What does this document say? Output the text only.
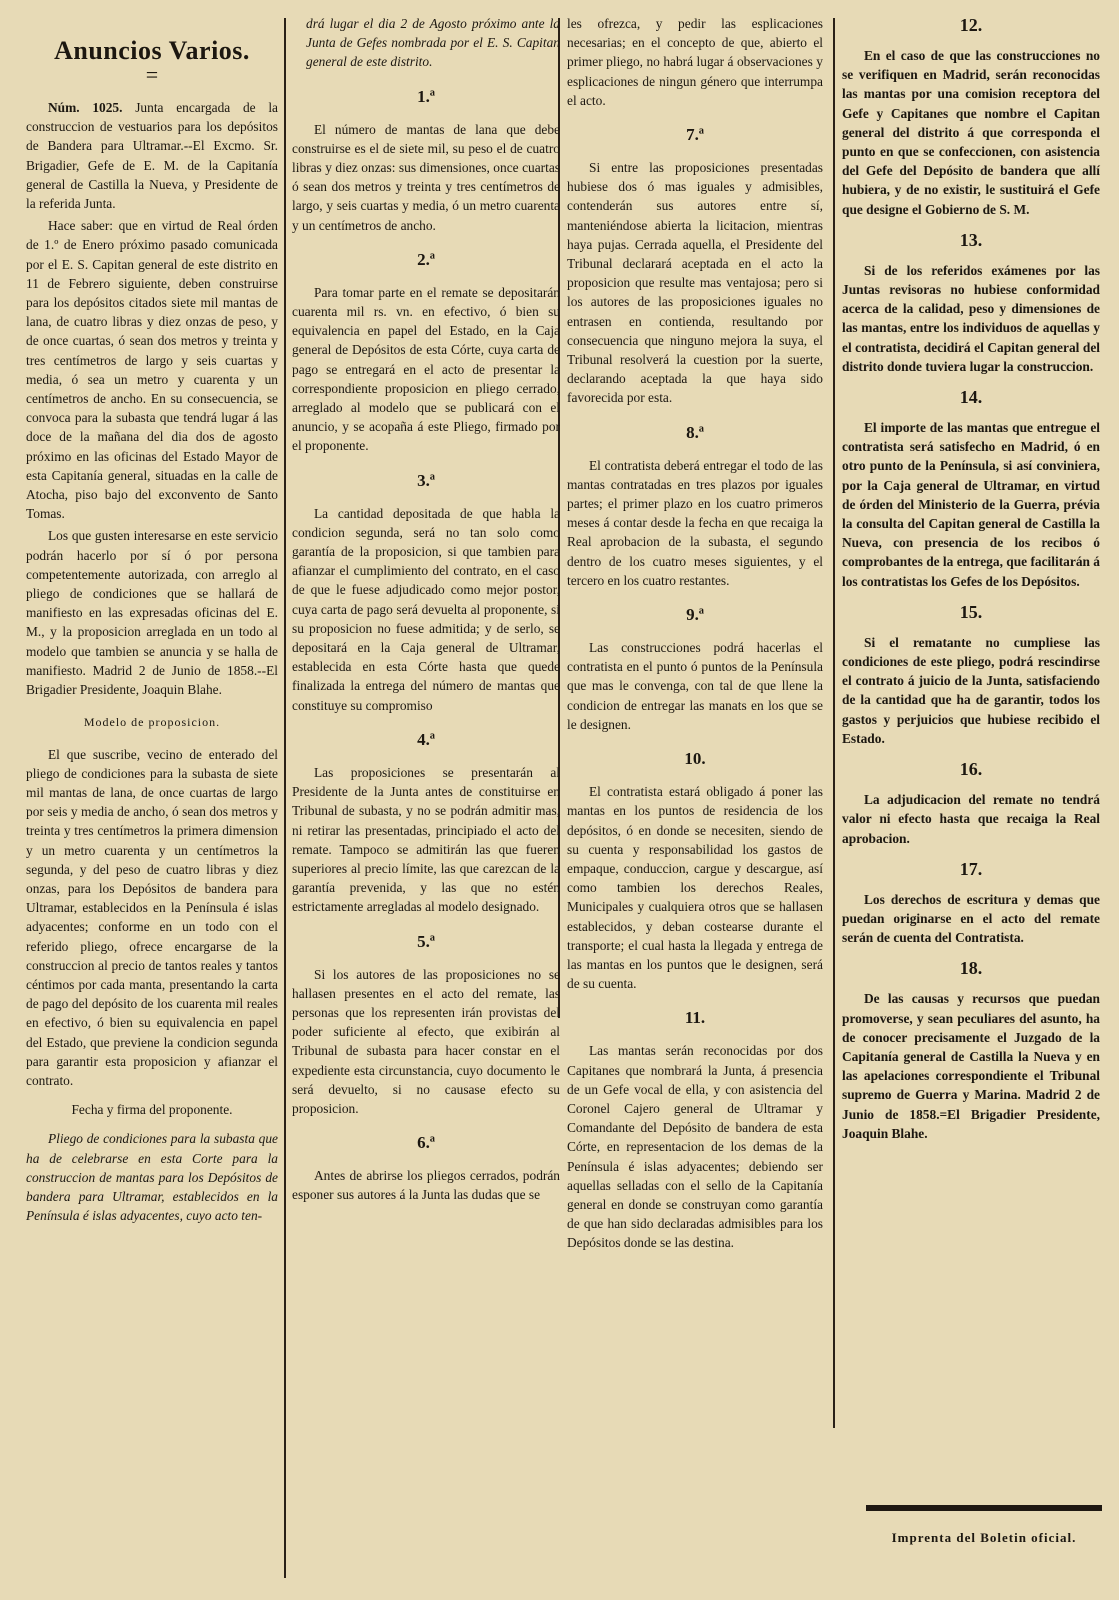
Anuncios Varios.
=

Núm. 1025. Junta encargada de la construccion de vestuarios para los depósitos de Bandera para Ultramar.--El Excmo. Sr. Brigadier, Gefe de E. M. de la Capitanía general de Castilla la Nueva, y Presidente de la referida Junta.

Hace saber: que en virtud de Real órden de 1.º de Enero próximo pasado comunicada por el E. S. Capitan general de este distrito en 11 de Febrero siguiente, deben construirse para los depósitos citados siete mil mantas de lana, de cuatro libras y diez onzas de peso, y de once cuartas, ó sean dos metros y treinta y tres centímetros de largo y seis cuartas y media, ó sea un metro y cuarenta y un centímetros de ancho. En su consecuencia, se convoca para la subasta que tendrá lugar á las doce de la mañana del dia dos de agosto próximo en las oficinas del Estado Mayor de esta Capitanía general, situadas en la calle de Atocha, piso bajo del exconvento de Santo Tomas.

Los que gusten interesarse en este servicio podrán hacerlo por sí ó por persona competentemente autorizada, con arreglo al pliego de condiciones que se hallará de manifiesto en las expresadas oficinas del E. M., y la proposicion arreglada en un todo al modelo que tambien se anuncia y se halla de manifiesto. Madrid 2 de Junio de 1858.--El Brigadier Presidente, Joaquin Blahe.

Modelo de proposicion.

El que suscribe, vecino de enterado del pliego de condiciones para la subasta de siete mil mantas de lana, de once cuartas de largo por seis y media de ancho, ó sean dos metros y treinta y tres centímetros la primera dimension y un metro cuarenta y un centímetros la segunda, y del peso de cuatro libras y diez onzas, para los Depósitos de bandera para Ultramar, establecidos en la Península é islas adyacentes; conforme en un todo con el referido pliego, ofrece encargarse de la construccion al precio de tantos reales y tantos céntimos por cada manta, presentando la carta de pago del depósito de los cuarenta mil reales en efectivo, ó bien su equivalencia en papel del Estado, que previene la condicion segunda para garantir esta proposicion y afianzar el contrato.

Fecha y firma del proponente.

Pliego de condiciones para la subasta que ha de celebrarse en esta Corte para la construccion de mantas para los Depósitos de bandera para Ultramar, establecidos en la Península é islas adyacentes, cuyo acto ten-

drá lugar el dia 2 de Agosto próximo ante la Junta de Gefes nombrada por el E. S. Capitan general de este distrito.

1.ª

El número de mantas de lana que debe construirse es el de siete mil, su peso el de cuatro libras y diez onzas: sus dimensiones, once cuartas ó sean dos metros y treinta y tres centímetros de largo, y seis cuartas y media, ó un metro cuarenta y un centímetros de ancho.

2.ª

Para tomar parte en el remate se depositarán cuarenta mil rs. vn. en efectivo, ó bien su equivalencia en papel del Estado, en la Caja general de Depósitos de esta Córte, cuya carta de pago se entregará en el acto de presentar la correspondiente proposicion en pliego cerrado, arreglado al modelo que se publicará con el anuncio, y se acopaña á este Pliego, firmado por el proponente.

3.ª

La cantidad depositada de que habla la condicion segunda, será no tan solo como garantía de la proposicion, si que tambien para afianzar el cumplimiento del contrato, en el caso de que le fuese adjudicado como mejor postor, cuya carta de pago será devuelta al proponente, si su proposicion no fuese admitida; y de serlo, se depositará en la Caja general de Ultramar, establecida en esta Córte hasta que quede finalizada la entrega del número de mantas que constituye su compromiso

4.ª

Las proposiciones se presentarán al Presidente de la Junta antes de constituirse en Tribunal de subasta, y no se podrán admitir mas, ni retirar las presentadas, principiado el acto del remate. Tampoco se admitirán las que fueren superiores al precio límite, las que carezcan de la garantía prevenida, y las que no estén estrictamente arregladas al modelo designado.

5.ª

Si los autores de las proposiciones no se hallasen presentes en el acto del remate, las personas que los representen irán provistas del poder suficiente al efecto, que exibirán al Tribunal de subasta para hacer constar en el expediente esta circunstancia, cuyo documento le será devuelto, si no causase efecto su proposicion.

6.ª

Antes de abrirse los pliegos cerrados, podrán esponer sus autores á la Junta las dudas que se

les ofrezca, y pedir las esplicaciones necesarias; en el concepto de que, abierto el primer pliego, no habrá lugar á observaciones y esplicaciones de ningun género que interrumpa el acto.

7.ª

Si entre las proposiciones presentadas hubiese dos ó mas iguales y admisibles, contenderán sus autores entre sí, manteniéndose abierta la licitacion, mientras haya pujas. Cerrada aquella, el Presidente del Tribunal declarará aceptada en el acto la proposicion que resulte mas ventajosa; pero si los autores de las proposiciones iguales no entrasen en contienda, resultando por consecuencia que ninguno mejora la suya, el Tribunal resolverá la cuestion por la suerte, declarando aceptada la que haya sido favorecida por esta.

8.ª

El contratista deberá entregar el todo de las mantas contratadas en tres plazos por iguales partes; el primer plazo en los cuatro primeros meses á contar desde la fecha en que recaiga la Real aprobacion de la subasta, el segundo dentro de los cuatro meses siguientes, y el tercero en los cuatro restantes.

9.ª

Las construcciones podrá hacerlas el contratista en el punto ó puntos de la Península que mas le convenga, con tal de que llene la condicion de entregar las manats en los que se le designen.

10.

El contratista estará obligado á poner las mantas en los puntos de residencia de los depósitos, ó en donde se necesiten, siendo de su cuenta y responsabilidad los gastos de empaque, conduccion, cargue y descargue, así como tambien los derechos Reales, Municipales y cualquiera otros que se hallasen establecidos, y deban costearse durante el transporte; el cual hasta la llegada y entrega de las mantas en los puntos que le designen, será de su cuenta.

11.

Las mantas serán reconocidas por dos Capitanes que nombrará la Junta, á presencia de un Gefe vocal de ella, y con asistencia del Coronel Cajero general de Ultramar y Comandante del Depósito de bandera de esta Córte, en representacion de los demas de la Península é islas adyacentes; debiendo ser aquellas selladas con el sello de la Capitanía general en donde se construyan como garantía de que han sido declaradas admisibles para los Depósitos donde se las destina.

12.

En el caso de que las construcciones no se verifiquen en Madrid, serán reconocidas las mantas por una comision receptora del Gefe y Capitanes que nombre el Capitan general del distrito á que corresponda el punto en que se confeccionen, con asistencia del Gefe del Depósito de bandera que allí hubiera, y de no existir, le sustituirá el Gefe que designe el Gobierno de S. M.

13.

Si de los referidos exámenes por las Juntas revisoras no hubiese conformidad acerca de la calidad, peso y dimensiones de las mantas, entre los individuos de aquellas y el contratista, decidirá el Capitan general del distrito donde tuviera lugar la construccion.

14.

El importe de las mantas que entregue el contratista será satisfecho en Madrid, ó en otro punto de la Península, si así conviniera, por la Caja general de Ultramar, en virtud de órden del Ministerio de la Guerra, prévia la consulta del Capitan general de Castilla la Nueva, con presencia de los recibos ó comprobantes de la entrega, que facilitarán á los contratistas los Gefes de los Depósitos.

15.

Si el rematante no cumpliese las condiciones de este pliego, podrá rescindirse el contrato á juicio de la Junta, satisfaciendo de la cantidad que ha de garantir, todos los gastos y perjuicios que hubiese recibido el Estado.

16.

La adjudicacion del remate no tendrá valor ni efecto hasta que recaiga la Real aprobacion.

17.

Los derechos de escritura y demas que puedan originarse en el acto del remate serán de cuenta del Contratista.

18.

De las causas y recursos que puedan promoverse, y sean peculiares del asunto, ha de conocer precisamente el Juzgado de la Capitanía general de Castilla la Nueva y en las apelaciones correspondiente el Tribunal supremo de Guerra y Marina. Madrid 2 de Junio de 1858.=El Brigadier Presidente, Joaquin Blahe.

Imprenta del Boletin oficial.
